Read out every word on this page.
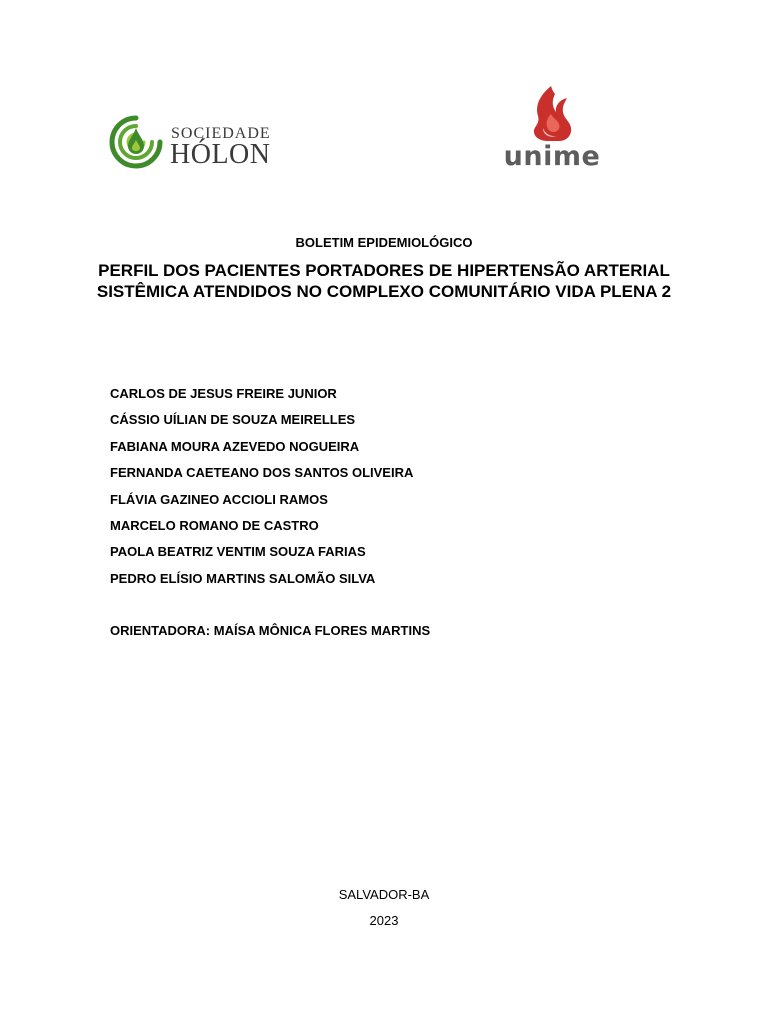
SOCIEDADE
HÓLON	unime
BOLETIM EPIDEMIOLÓGICO
PERFIL DOS PACIENTES PORTADORES DE HIPERTENSÃO ARTERIAL SISTÊMICA ATENDIDOS NO COMPLEXO COMUNITÁRIO VIDA PLENA 2
CARLOS DE JESUS FREIRE JUNIOR
CÁSSIO UÍLIAN DE SOUZA MEIRELLES
FABIANA MOURA AZEVEDO NOGUEIRA
FERNANDA CAETEANO DOS SANTOS OLIVEIRA
FLÁVIA GAZINEO ACCIOLI RAMOS
MARCELO ROMANO DE CASTRO
PAOLA BEATRIZ VENTIM SOUZA FARIAS
PEDRO ELÍSIO MARTINS SALOMÃO SILVA
ORIENTADORA: MAÍSA MÔNICA FLORES MARTINS
SALVADOR-BA
2023
